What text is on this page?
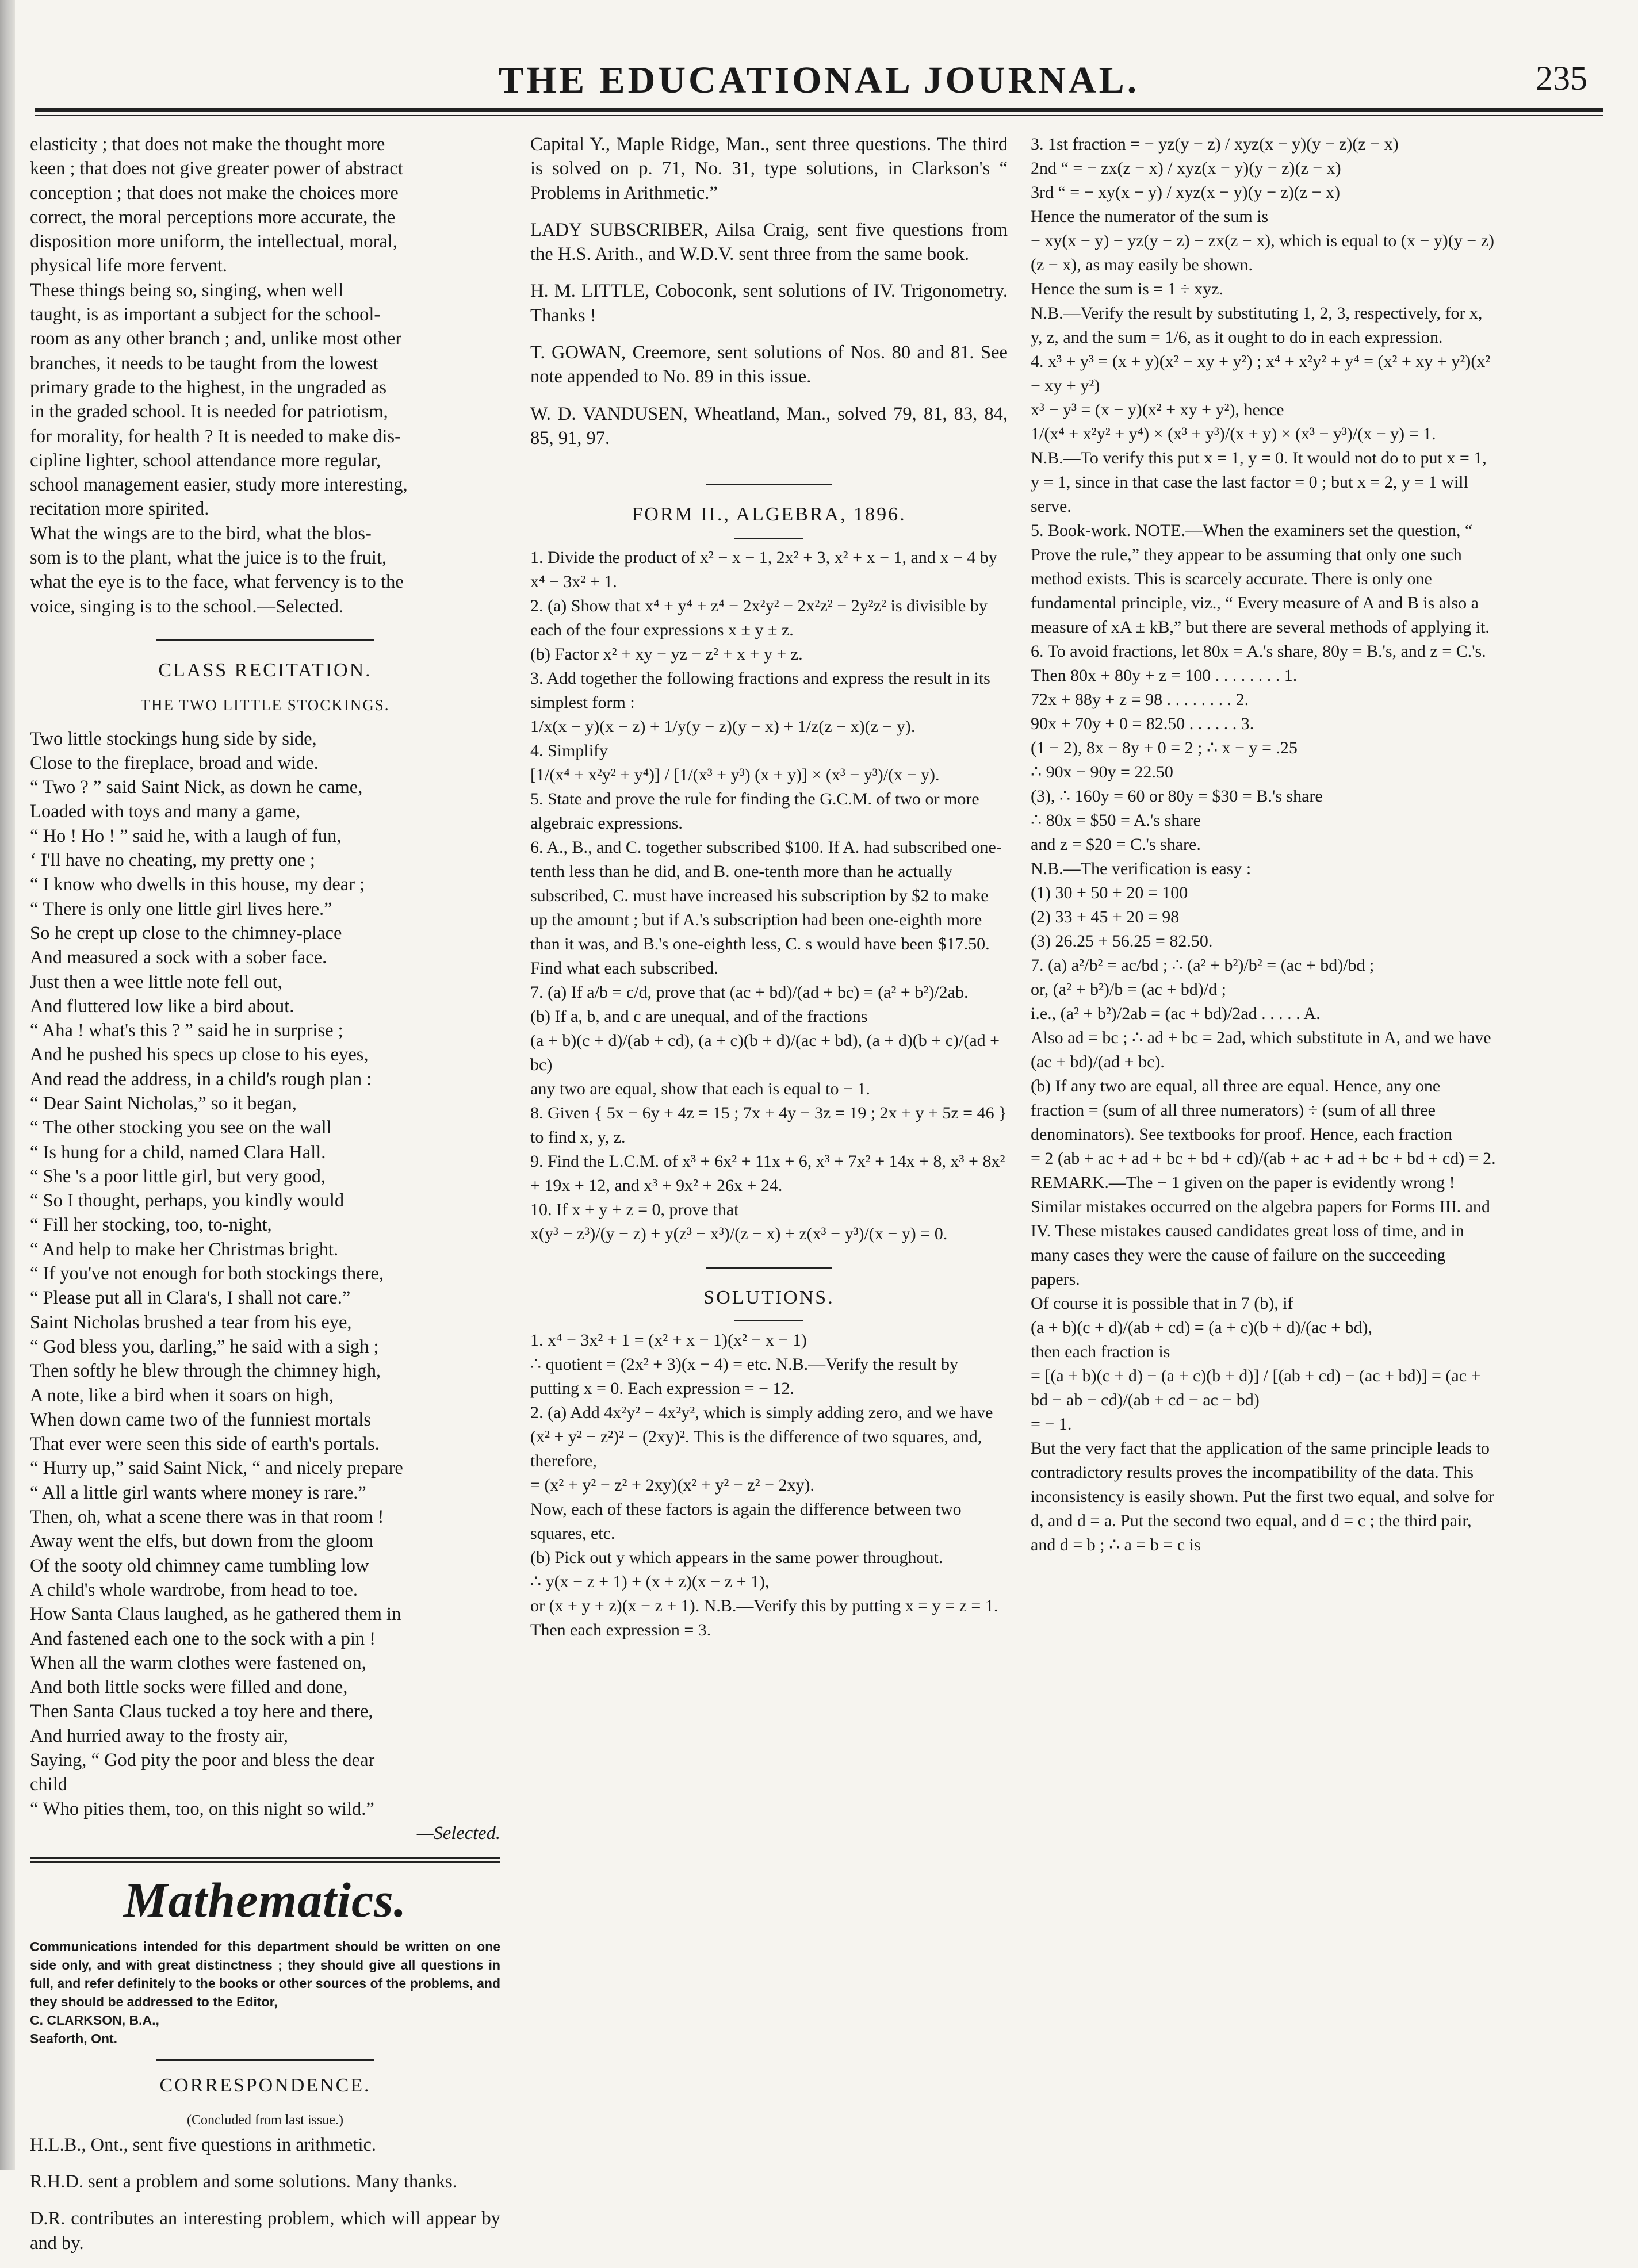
THE EDUCATIONAL JOURNAL.	235

elasticity ; that does not make the thought more

keen ; that does not give greater power of abstract

conception ; that does not make the choices more

correct, the moral perceptions more accurate, the

disposition more uniform, the intellectual, moral,

physical life more fervent.

These things being so, singing, when well

taught, is as important a subject for the school-

room as any other branch ; and, unlike most other

branches, it needs to be taught from the lowest

primary grade to the highest, in the ungraded as

in the graded school. It is needed for patriotism,

for morality, for health ? It is needed to make dis-

cipline lighter, school attendance more regular,

school management easier, study more interesting,

recitation more spirited.

What the wings are to the bird, what the blos-

som is to the plant, what the juice is to the fruit,

what the eye is to the face, what fervency is to the

voice, singing is to the school.—Selected.

CLASS RECITATION.
THE TWO LITTLE STOCKINGS.

Two little stockings hung side by side,

Close to the fireplace, broad and wide.

“ Two ? ” said Saint Nick, as down he came,

Loaded with toys and many a game,

“ Ho ! Ho ! ” said he, with a laugh of fun,

‘ I'll have no cheating, my pretty one ;

“ I know who dwells in this house, my dear ;

“ There is only one little girl lives here.”

So he crept up close to the chimney-place

And measured a sock with a sober face.

Just then a wee little note fell out,

And fluttered low like a bird about.

“ Aha ! what's this ? ” said he in surprise ;

And he pushed his specs up close to his eyes,

And read the address, in a child's rough plan :

“ Dear Saint Nicholas,” so it began,

“ The other stocking you see on the wall

“ Is hung for a child, named Clara Hall.

“ She 's a poor little girl, but very good,

“ So I thought, perhaps, you kindly would

“ Fill her stocking, too, to-night,

“ And help to make her Christmas bright.

“ If you've not enough for both stockings there,

“ Please put all in Clara's, I shall not care.”

Saint Nicholas brushed a tear from his eye,

“ God bless you, darling,” he said with a sigh ;

Then softly he blew through the chimney high,

A note, like a bird when it soars on high,

When down came two of the funniest mortals

That ever were seen this side of earth's portals.

“ Hurry up,” said Saint Nick, “ and nicely prepare

“ All a little girl wants where money is rare.”

Then, oh, what a scene there was in that room !

Away went the elfs, but down from the gloom

Of the sooty old chimney came tumbling low

A child's whole wardrobe, from head to toe.

How Santa Claus laughed, as he gathered them in

And fastened each one to the sock with a pin !

When all the warm clothes were fastened on,

And both little socks were filled and done,

Then Santa Claus tucked a toy here and there,

And hurried away to the frosty air,

Saying, “ God pity the poor and bless the dear

child

“ Who pities them, too, on this night so wild.”

—Selected.

Mathematics.

Communications intended for this department should be written on one side only, and with great distinctness ; they should give all questions in full, and refer definitely to the books or other sources of the problems, and they should be addressed to the Editor,

C. CLARKSON, B.A.,

Seaforth, Ont.

CORRESPONDENCE.

(Concluded from last issue.)

H.L.B., Ont., sent five questions in arithmetic.

R.H.D. sent a problem and some solutions. Many thanks.

D.R. contributes an interesting problem, which will appear by and by.

Capital Y., Maple Ridge, Man., sent three questions. The third is solved on p. 71, No. 31, type solutions, in Clarkson's “ Problems in Arithmetic.”

LADY SUBSCRIBER, Ailsa Craig, sent five questions from the H.S. Arith., and W.D.V. sent three from the same book.

H. M. LITTLE, Coboconk, sent solutions of IV. Trigonometry. Thanks !

T. GOWAN, Creemore, sent solutions of Nos. 80 and 81. See note appended to No. 89 in this issue.

W. D. VANDUSEN, Wheatland, Man., solved 79, 81, 83, 84, 85, 91, 97.

FORM II., ALGEBRA, 1896.

1. Divide the product of x² − x − 1, 2x² + 3, x² + x − 1, and x − 4 by x⁴ − 3x² + 1.

2. (a) Show that x⁴ + y⁴ + z⁴ − 2x²y² − 2x²z² − 2y²z² is divisible by each of the four expressions x ± y ± z.

(b) Factor x² + xy − yz − z² + x + y + z.

3. Add together the following fractions and express the result in its simplest form :

1/x(x − y)(x − z) + 1/y(y − z)(y − x) + 1/z(z − x)(z − y).

4. Simplify

[1/(x⁴ + x²y² + y⁴)] / [1/(x³ + y³) (x + y)] × (x³ − y³)/(x − y).

5. State and prove the rule for finding the G.C.M. of two or more algebraic expressions.

6. A., B., and C. together subscribed $100. If A. had subscribed one-tenth less than he did, and B. one-tenth more than he actually subscribed, C. must have increased his subscription by $2 to make up the amount ; but if A.'s subscription had been one-eighth more than it was, and B.'s one-eighth less, C. s would have been $17.50. Find what each subscribed.

7. (a) If a/b = c/d, prove that (ac + bd)/(ad + bc) = (a² + b²)/2ab.

(b) If a, b, and c are unequal, and of the fractions

(a + b)(c + d)/(ab + cd), (a + c)(b + d)/(ac + bd), (a + d)(b + c)/(ad + bc)

any two are equal, show that each is equal to − 1.

8. Given { 5x − 6y + 4z = 15 ; 7x + 4y − 3z = 19 ; 2x + y + 5z = 46 } to find x, y, z.

9. Find the L.C.M. of x³ + 6x² + 11x + 6, x³ + 7x² + 14x + 8, x³ + 8x² + 19x + 12, and x³ + 9x² + 26x + 24.

10. If x + y + z = 0, prove that

x(y³ − z³)/(y − z) + y(z³ − x³)/(z − x) + z(x³ − y³)/(x − y) = 0.

SOLUTIONS.

1. x⁴ − 3x² + 1 = (x² + x − 1)(x² − x − 1)

∴ quotient = (2x² + 3)(x − 4) = etc. N.B.—Verify the result by putting x = 0. Each expression = − 12.

2. (a) Add 4x²y² − 4x²y², which is simply adding zero, and we have (x² + y² − z²)² − (2xy)². This is the difference of two squares, and, therefore,

= (x² + y² − z² + 2xy)(x² + y² − z² − 2xy).

Now, each of these factors is again the difference between two squares, etc.

(b) Pick out y which appears in the same power throughout.

∴ y(x − z + 1) + (x + z)(x − z + 1),

or (x + y + z)(x − z + 1). N.B.—Verify this by putting x = y = z = 1. Then each expression = 3.

3. 1st fraction = − yz(y − z) / xyz(x − y)(y − z)(z − x)

2nd “ = − zx(z − x) / xyz(x − y)(y − z)(z − x)

3rd “ = − xy(x − y) / xyz(x − y)(y − z)(z − x)

Hence the numerator of the sum is

− xy(x − y) − yz(y − z) − zx(z − x), which is equal to (x − y)(y − z)(z − x), as may easily be shown.

Hence the sum is = 1 ÷ xyz.

N.B.—Verify the result by substituting 1, 2, 3, respectively, for x, y, z, and the sum = 1/6, as it ought to do in each expression.

4. x³ + y³ = (x + y)(x² − xy + y²) ; x⁴ + x²y² + y⁴ = (x² + xy + y²)(x² − xy + y²)

x³ − y³ = (x − y)(x² + xy + y²), hence

1/(x⁴ + x²y² + y⁴) × (x³ + y³)/(x + y) × (x³ − y³)/(x − y) = 1.

N.B.—To verify this put x = 1, y = 0. It would not do to put x = 1, y = 1, since in that case the last factor = 0 ; but x = 2, y = 1 will serve.

5. Book-work. NOTE.—When the examiners set the question, “ Prove the rule,” they appear to be assuming that only one such method exists. This is scarcely accurate. There is only one fundamental principle, viz., “ Every measure of A and B is also a measure of xA ± kB,” but there are several methods of applying it.

6. To avoid fractions, let 80x = A.'s share, 80y = B.'s, and z = C.'s.

Then 80x + 80y + z = 100 . . . . . . . . 1.

72x + 88y + z = 98 . . . . . . . . 2.

90x + 70y + 0 = 82.50 . . . . . . 3.

(1 − 2), 8x − 8y + 0 = 2 ; ∴ x − y = .25

∴ 90x − 90y = 22.50

(3), ∴ 160y = 60 or 80y = $30 = B.'s share

∴ 80x = $50 = A.'s share

and z = $20 = C.'s share.

N.B.—The verification is easy :

(1) 30 + 50 + 20 = 100

(2) 33 + 45 + 20 = 98

(3) 26.25 + 56.25 = 82.50.

7. (a) a²/b² = ac/bd ; ∴ (a² + b²)/b² = (ac + bd)/bd ;

or, (a² + b²)/b = (ac + bd)/d ;

i.e., (a² + b²)/2ab = (ac + bd)/2ad . . . . . A.

Also ad = bc ; ∴ ad + bc = 2ad, which substitute in A, and we have (ac + bd)/(ad + bc).

(b) If any two are equal, all three are equal. Hence, any one fraction = (sum of all three numerators) ÷ (sum of all three denominators). See textbooks for proof. Hence, each fraction

= 2 (ab + ac + ad + bc + bd + cd)/(ab + ac + ad + bc + bd + cd) = 2.

REMARK.—The − 1 given on the paper is evidently wrong ! Similar mistakes occurred on the algebra papers for Forms III. and IV. These mistakes caused candidates great loss of time, and in many cases they were the cause of failure on the succeeding papers.

Of course it is possible that in 7 (b), if

(a + b)(c + d)/(ab + cd) = (a + c)(b + d)/(ac + bd),

then each fraction is

= [(a + b)(c + d) − (a + c)(b + d)] / [(ab + cd) − (ac + bd)] = (ac + bd − ab − cd)/(ab + cd − ac − bd)

= − 1.

But the very fact that the application of the same principle leads to contradictory results proves the incompatibility of the data. This inconsistency is easily shown. Put the first two equal, and solve for d, and d = a. Put the second two equal, and d = c ; the third pair, and d = b ; ∴ a = b = c is
